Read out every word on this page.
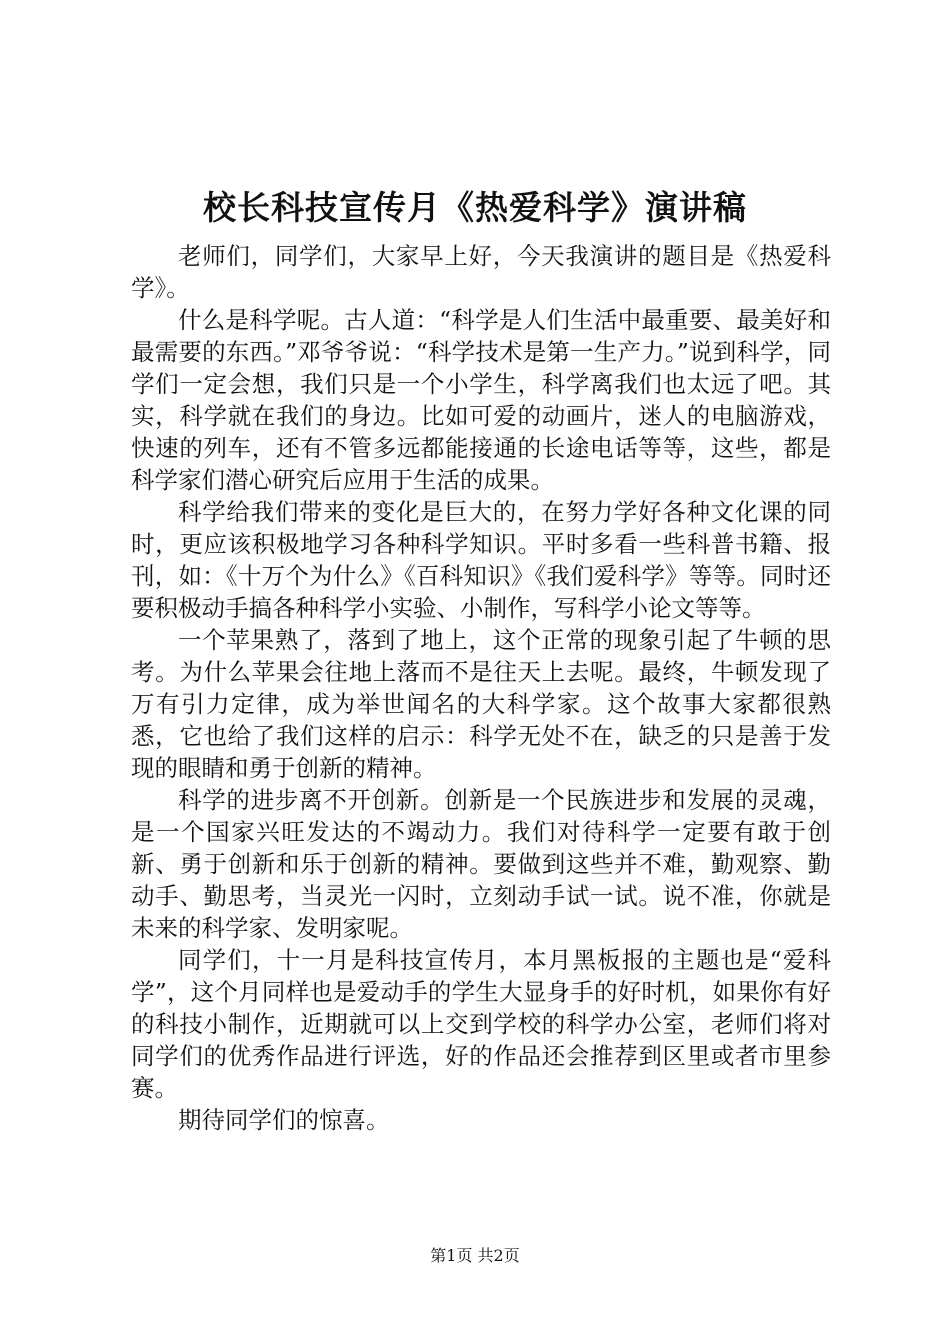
校长科技宣传月《热爱科学》演讲稿

老师们，同学们，大家早上好，今天我演讲的题目是《热爱科学》。

什么是科学呢。古人道：“科学是人们生活中最重要、最美好和最需要的东西。”邓爷爷说：“科学技术是第一生产力。”说到科学，同学们一定会想，我们只是一个小学生，科学离我们也太远了吧。其实，科学就在我们的身边。比如可爱的动画片，迷人的电脑游戏，快速的列车，还有不管多远都能接通的长途电话等等，这些，都是科学家们潜心研究后应用于生活的成果。

科学给我们带来的变化是巨大的，在努力学好各种文化课的同时，更应该积极地学习各种科学知识。平时多看一些科普书籍、报刊，如：《十万个为什么》《百科知识》《我们爱科学》等等。同时还要积极动手搞各种科学小实验、小制作，写科学小论文等等。

一个苹果熟了，落到了地上，这个正常的现象引起了牛顿的思考。为什么苹果会往地上落而不是往天上去呢。最终，牛顿发现了万有引力定律，成为举世闻名的大科学家。这个故事大家都很熟悉，它也给了我们这样的启示：科学无处不在，缺乏的只是善于发现的眼睛和勇于创新的精神。

科学的进步离不开创新。创新是一个民族进步和发展的灵魂，是一个国家兴旺发达的不竭动力。我们对待科学一定要有敢于创新、勇于创新和乐于创新的精神。要做到这些并不难，勤观察、勤动手、勤思考，当灵光一闪时，立刻动手试一试。说不准，你就是未来的科学家、发明家呢。

同学们，十一月是科技宣传月，本月黑板报的主题也是“爱科学”，这个月同样也是爱动手的学生大显身手的好时机，如果你有好的科技小制作，近期就可以上交到学校的科学办公室，老师们将对同学们的优秀作品进行评选，好的作品还会推荐到区里或者市里参赛。

期待同学们的惊喜。

第1页 共2页
